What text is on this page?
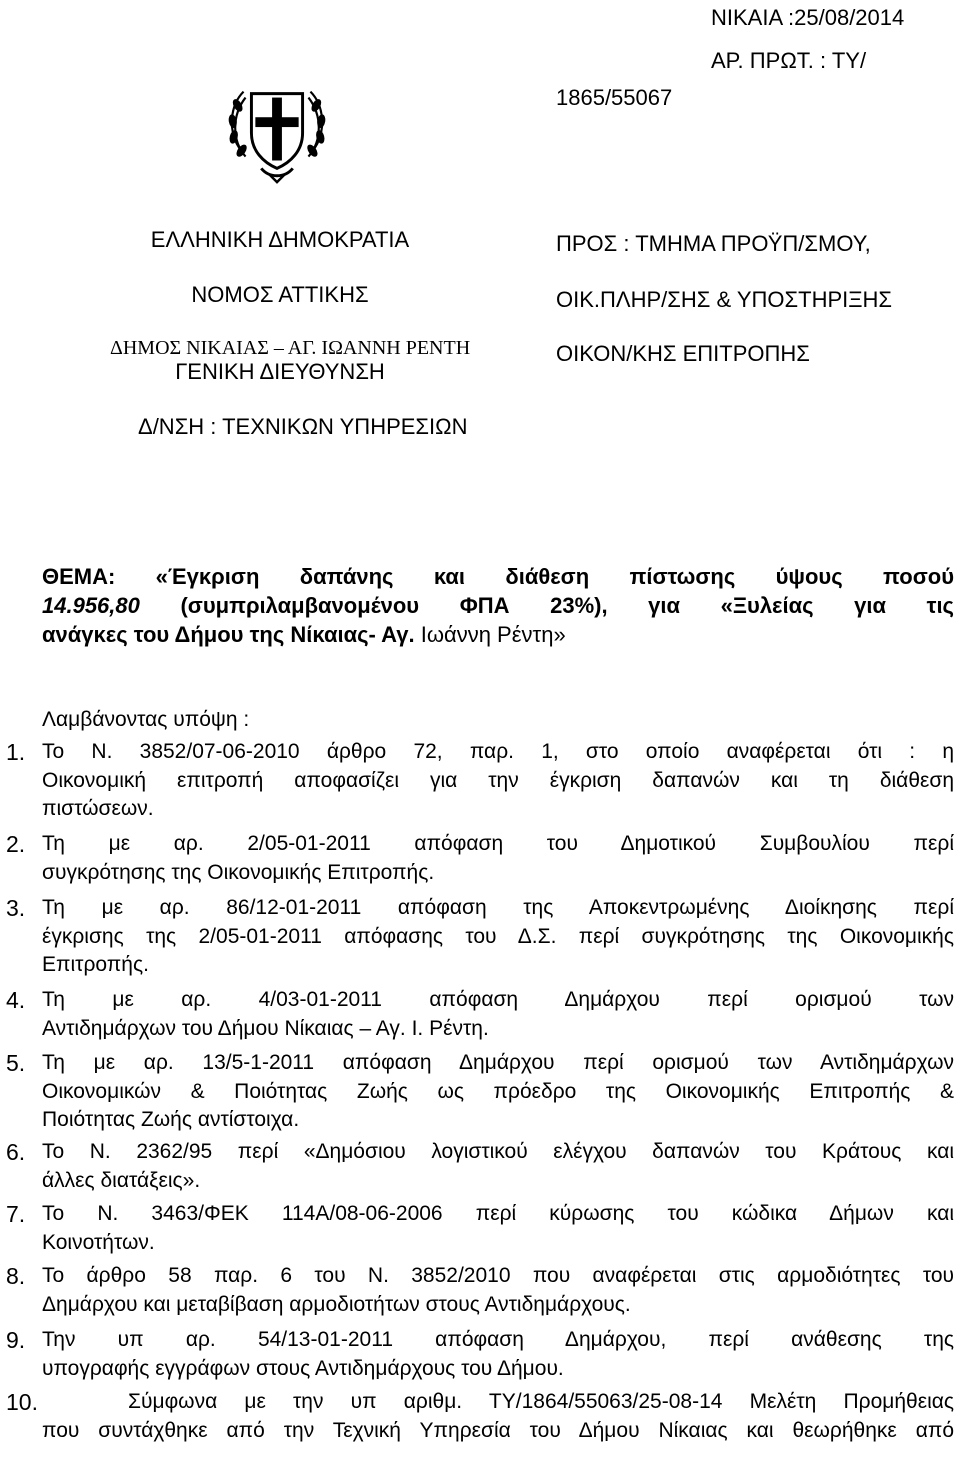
ΝΙΚΑΙΑ :25/08/2014
ΑΡ. ΠΡΩΤ. : ΤΥ/
1865/55067
ΕΛΛΗΝΙΚΗ ΔΗΜΟΚΡΑΤΙΑ
ΝΟΜΟΣ ΑΤΤΙΚΗΣ
ΔΗΜΟΣ ΝΙΚΑΙΑΣ – ΑΓ. ΙΩΑΝΝΗ ΡΕΝΤΗ
ΓΕΝΙΚΗ ΔΙΕΥΘΥΝΣΗ
Δ/ΝΣΗ : ΤΕΧΝΙΚΩΝ ΥΠΗΡΕΣΙΩΝ
ΠΡΟΣ : ΤΜΗΜΑ ΠΡΟΫΠ/ΣΜΟΥ,
ΟΙΚ.ΠΛΗΡ/ΣΗΣ & ΥΠΟΣΤΗΡΙΞΗΣ
ΟΙΚΟΝ/ΚΗΣ ΕΠΙΤΡΟΠΗΣ
ΘΕΜΑ: «Έγκριση δαπάνης και διάθεση πίστωσης ύψους ποσού
14.956,80 (συμπριλαμβανομένου ΦΠΑ 23%), για «Ξυλείας για τις
ανάγκες του Δήμου της Νίκαιας- Αγ. Ιωάννη Ρέντη»
Λαμβάνοντας υπόψη :
1. Το Ν. 3852/07-06-2010 άρθρο 72, παρ. 1, στο οποίο αναφέρεται ότι : η
Οικονομική επιτροπή αποφασίζει για την έγκριση δαπανών και τη διάθεση
πιστώσεων.
2. Τη με αρ. 2/05-01-2011 απόφαση του Δημοτικού Συμβουλίου περί
συγκρότησης της Οικονομικής Επιτροπής.
3. Τη με αρ. 86/12-01-2011 απόφαση της Αποκεντρωμένης Διοίκησης περί
έγκρισης της 2/05-01-2011 απόφασης του Δ.Σ. περί συγκρότησης της Οικονομικής
Επιτροπής.
4. Τη με αρ. 4/03-01-2011 απόφαση Δημάρχου περί ορισμού των
Αντιδημάρχων του Δήμου Νίκαιας – Αγ. Ι. Ρέντη.
5. Τη με αρ. 13/5-1-2011 απόφαση Δημάρχου περί ορισμού των Αντιδημάρχων
Οικονομικών & Ποιότητας Ζωής ως πρόεδρο της Οικονομικής Επιτροπής &
Ποιότητας Ζωής αντίστοιχα.
6. Το Ν. 2362/95 περί «Δημόσιου λογιστικού ελέγχου δαπανών του Κράτους και
άλλες διατάξεις».
7. Το Ν. 3463/ΦΕΚ 114Α/08-06-2006 περί κύρωσης του κώδικα Δήμων και
Κοινοτήτων.
8. Το άρθρο 58 παρ. 6 του Ν. 3852/2010 που αναφέρεται στις αρμοδιότητες του
Δημάρχου και μεταβίβαση αρμοδιοτήτων στους Αντιδημάρχους.
9. Την υπ αρ. 54/13-01-2011 απόφαση Δημάρχου, περί ανάθεσης της
υπογραφής εγγράφων στους Αντιδημάρχους του Δήμου.
10.	Σύμφωνα με την υπ αριθμ. ΤΥ/1864/55063/25-08-14 Μελέτη Προμήθειας
που συντάχθηκε από την Τεχνική Υπηρεσία του Δήμου Νίκαιας και θεωρήθηκε από
